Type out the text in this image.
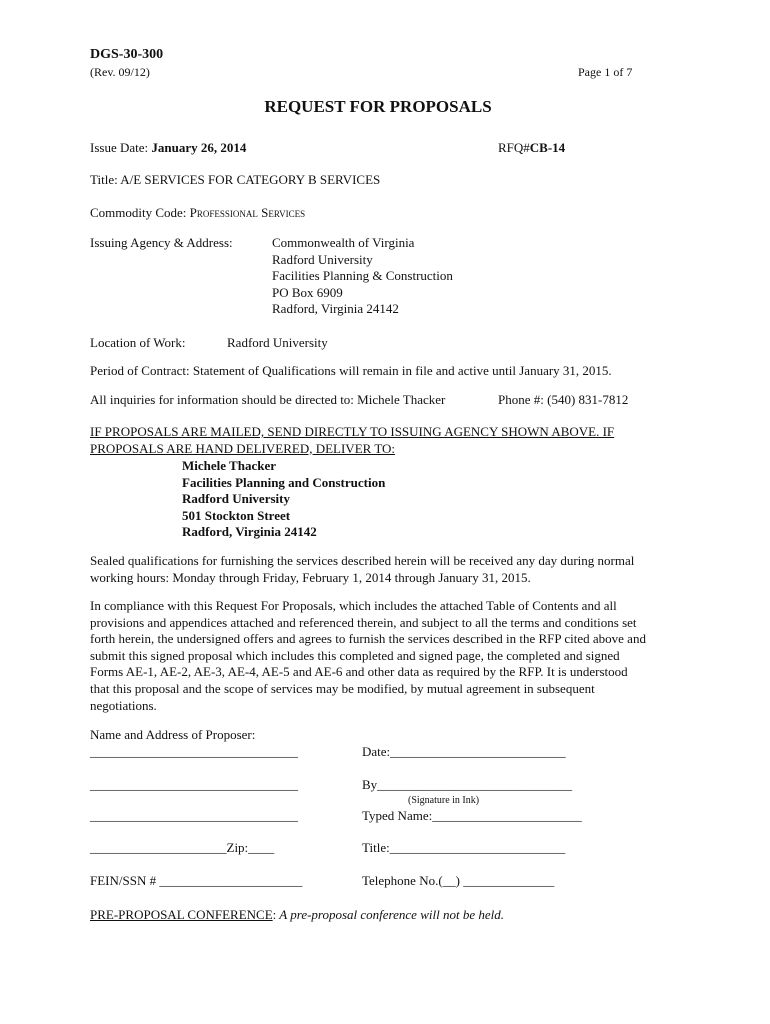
DGS-30-300
(Rev. 09/12)	Page 1 of 7
REQUEST FOR PROPOSALS
Issue Date: January 26, 2014	RFQ#CB-14
Title: A/E SERVICES FOR CATEGORY B SERVICES
Commodity Code: Professional Services
Issuing Agency & Address:	Commonwealth of Virginia
Radford University
Facilities Planning & Construction
PO Box 6909
Radford, Virginia 24142
Location of Work:	Radford University
Period of Contract: Statement of Qualifications will remain in file and active until January 31, 2015.
All inquiries for information should be directed to: Michele Thacker	Phone #: (540) 831-7812
IF PROPOSALS ARE MAILED, SEND DIRECTLY TO ISSUING AGENCY SHOWN ABOVE. IF PROPOSALS ARE HAND DELIVERED, DELIVER TO:
Michele Thacker
Facilities Planning and Construction
Radford University
501 Stockton Street
Radford, Virginia 24142
Sealed qualifications for furnishing the services described herein will be received any day during normal working hours: Monday through Friday, February 1, 2014 through January 31, 2015.
In compliance with this Request For Proposals, which includes the attached Table of Contents and all provisions and appendices attached and referenced therein, and subject to all the terms and conditions set forth herein, the undersigned offers and agrees to furnish the services described in the RFP cited above and submit this signed proposal which includes this completed and signed page, the completed and signed Forms AE-1, AE-2, AE-3, AE-4, AE-5 and AE-6 and other data as required by the RFP. It is understood that this proposal and the scope of services may be modified, by mutual agreement in subsequent negotiations.
Name and Address of Proposer:
________________________________	Date:___________________________
________________________________	By______________________________
(Signature in Ink)
________________________________	Typed Name:_______________________
_____________________Zip:____	Title:___________________________
FEIN/SSN # ______________________	Telephone No.(__) ______________
PRE-PROPOSAL CONFERENCE: A pre-proposal conference will not be held.
